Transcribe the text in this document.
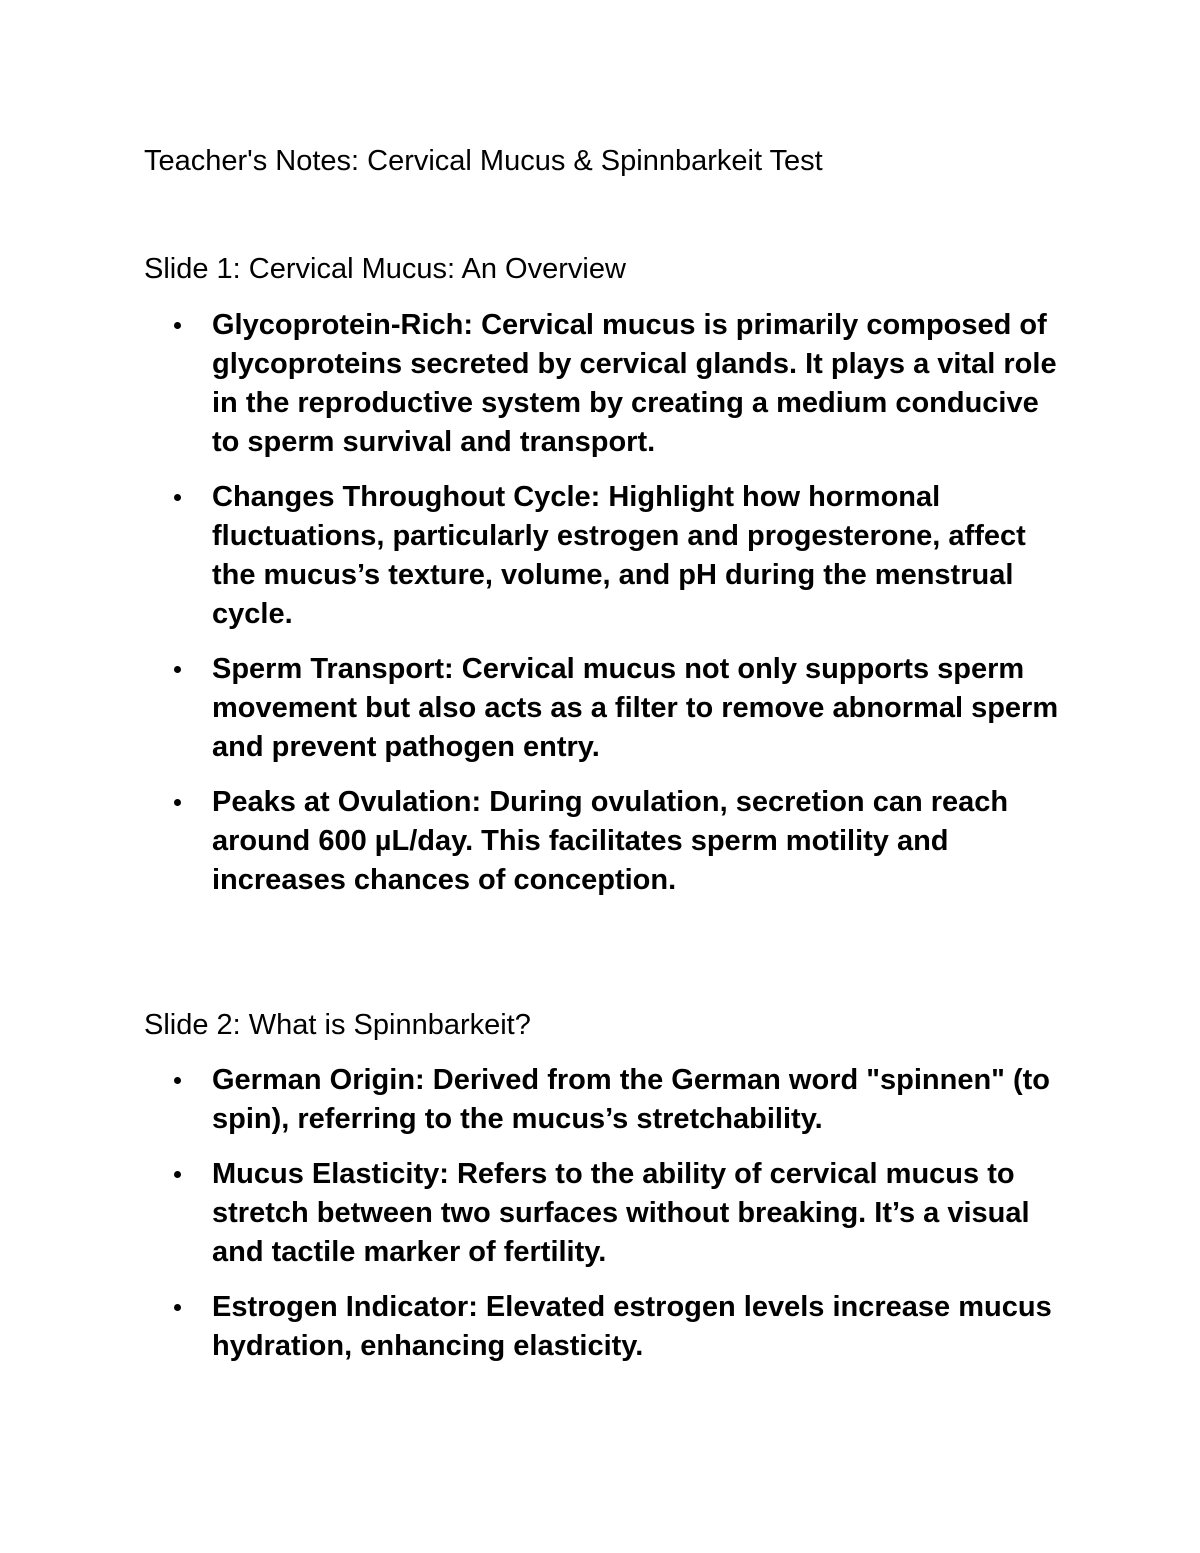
Teacher's Notes: Cervical Mucus & Spinnbarkeit Test
Slide 1: Cervical Mucus: An Overview
Glycoprotein-Rich: Cervical mucus is primarily composed of glycoproteins secreted by cervical glands. It plays a vital role in the reproductive system by creating a medium conducive to sperm survival and transport.
Changes Throughout Cycle: Highlight how hormonal fluctuations, particularly estrogen and progesterone, affect the mucus’s texture, volume, and pH during the menstrual cycle.
Sperm Transport: Cervical mucus not only supports sperm movement but also acts as a filter to remove abnormal sperm and prevent pathogen entry.
Peaks at Ovulation: During ovulation, secretion can reach around 600 µL/day. This facilitates sperm motility and increases chances of conception.
Slide 2: What is Spinnbarkeit?
German Origin: Derived from the German word "spinnen" (to spin), referring to the mucus’s stretchability.
Mucus Elasticity: Refers to the ability of cervical mucus to stretch between two surfaces without breaking. It’s a visual and tactile marker of fertility.
Estrogen Indicator: Elevated estrogen levels increase mucus hydration, enhancing elasticity.
